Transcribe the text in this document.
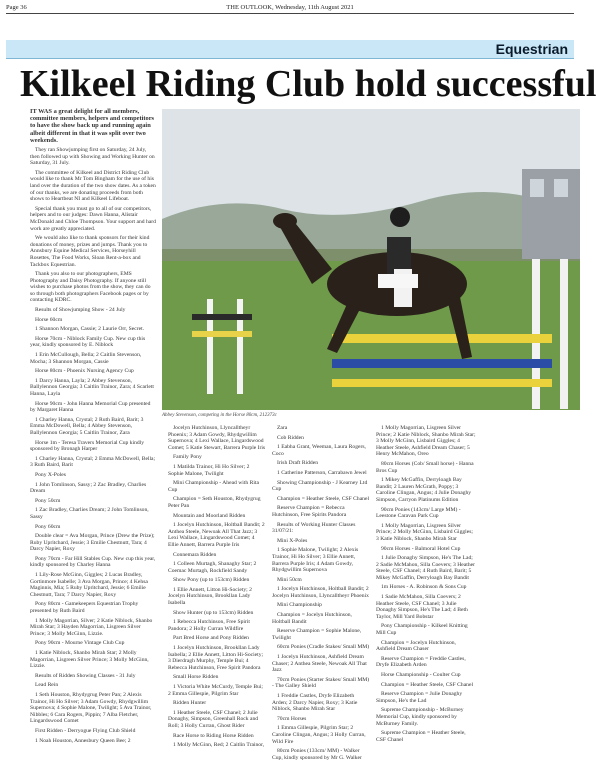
Page 36	THE OUTLOOK, Wednesday, 11th August 2021
Equestrian
Kilkeel Riding Club hold successful

IT WAS a great delight for all members, committee members, helpers and competitors to have the show back up and running again albeit different in that it was split over two weekends.

They ran Showjumping first on Saturday, 24 July, then followed up with Showing and Working Hunter on Saturday, 31 July.

The committee of Kilkeel and District Riding Club would like to thank Mr Tom Bingham for the use of his land over the duration of the two show dates. As a token of our thanks, we are donating proceeds from both shows to Heartbeat NI and Kilkeel Lifeboat.

Special thank you must go to all of our competitors, helpers and to our judges: Dawn Hanna, Alistair McDonald and Chloe Thompson. Your support and hard work are greatly appreciated.

We would also like to thank sponsors for their kind donations of money, prizes and jumps. Thank you to Annsbury Equine Medical Services, Horseyhill Rosettes, The Food Works, Sloan Rent-a-box and Tackbox Equestrian.

Thank you also to our photographers, EMS Photography and Daisy Photography. If anyone still wishes to purchase photos from the show, they can do so through both photographers Facebook pages or by contacting KDRC.

Results of Showjumping Show - 24 July

Horse 60cm

1 Shannon Morgan, Cassie; 2 Laurie Orr, Secret.

Horse 70cm - Niblock Family Cup. New cup this year, kindly sponsored by E. Niblock

1 Erin McCullough, Bella; 2 Caitlin Stevenson, Mocha; 3 Shannon Morgan, Cassie

Horse 80cm - Phoenix Nursing Agency Cup

1 Darcy Hanna, Layla; 2 Abbey Stevenson, Ballylennon Georgia; 3 Caitlin Trainor, Zara; 4 Scarlett Hanna, Layla

Horse 90cm - John Hanna Memorial Cup presented by Margaret Hanna

1 Charley Hanna, Crystal; 2 Ruth Baird, Barit; 3 Emma McDowell, Bella; 4 Abbey Stevenson, Ballylennon Georgia; 5 Caitlin Trainor, Zara

Horse 1m - Teresa Travers Memorial Cup kindly sponsored by Bronagh Harper

1 Charley Hanna, Crystal; 2 Emma McDowell, Bella; 3 Ruth Baird, Barit

Pony X-Poles

1 John Tomlinson, Sassy; 2 Zac Bradley, Charlies Dream

Pony 50cm

1 Zac Bradley, Charlies Dream; 2 John Tomlinson, Sassy

Pony 60cm

Double clear = Ava Morgan, Prince (Drew the Prize); Ruby Upritchard, Jessie; 3 Emilie Chestnutt, Tara; 4 Darcy Napier, Roxy

Pony 70cm - Far Hill Stables Cup. New cup this year, kindly sponsored by Charley Hanna

1 Lily-Rose McGinn, Giggles; 2 Lucas Bradley, Gortinmore Isabelle; 3 Ava Morgan, Prince; 4 Kehsa Maginnis, Mia; 5 Ruby Upritchard, Jessie; 6 Emilie Chestnutt, Tara; 7 Darcy Napier, Roxy

Pony 80cm - Gamekeepers Equestrian Trophy presented by Ruth Baird

1 Molly Magorrian, Silver; 2 Katie Niblock, Shanbo Mirah Star; 3 Hayden Magorrian, Lisgreen Silver Prince; 3 Molly McGinn, Lizzie.

Pony 90cm - Mourne Vintage Club Cup

1 Katie Niblock, Shanbo Mirah Star; 2 Molly Magorrian, Lisgreen Silver Prince; 3 Molly McGinn, Lizzie.

Results of Ridden Showing Classes - 31 July

Lead Rein

1 Seth Houston, Rhydygrug Peter Pan; 2 Alexis Trainor, Hi Ho Silver; 3 Adam Gowdy, Rhydgwillim Supernova; 4 Sophie Malone, Twilight; 5 Ava Trainor, Nibbles; 6 Cara Rogers, Pippin; 7 Alba Fletcher, Lingardswood Comet

First Ridden - Derryogue Flying Club Shield

1 Noah Houston, Annesbury Queen Bee; 2

Abbey Stevenson, competing in the Horse 80cm, 212373c

Jocelyn Hutchinson, Llyncalltheyr Phoenix; 3 Adam Gowdy, Rhydgwillim Supernova; 4 Lexi Wallace, Lingardswood Comet; 5 Katie Stewart, Barrera Purple Iris

Family Pony

1 Matilda Trainor, Hi Ho Silver; 2 Sophie Malone, Twilight

Mini Championship - Ahead with Rita Cup

Champion = Seth Houston, Rhydygrug Peter Pan

Mountain and Moorland Ridden

1 Jocelyn Hutchinson, Holtball Bandit; 2 Anthea Steele, Newoak All That Jazz; 3 Lexi Wallace, Lingardswood Comet; 4 Ellie Annett, Barrera Purple Iris

Connemara Ridden

1 Colleen Murtagh, Shanaghy Star; 2 Coemac Murtagh, Rockfield Sandy

Show Pony (up to 153cm) Ridden

1 Ellie Annett, Litton Hi-Society; 2 Jocelyn Hutchinson, Brookllan Lady Isabella

Show Hunter (up to 153cm) Ridden

1 Rebecca Hutchinson, Free Spirit Pandora; 2 Holly Curran Wildfire

Part Bred Horse and Pony Ridden

1 Jocelyn Hutchinson, Brookllan Lady Isabella; 2 Ellie Annett, Litton Hi-Society; 3 Dierdragh Murphy, Temple Bui; 4 Rebecca Hutchinson, Free Spirit Pandora

Small Horse Ridden

1 Victoria White McCurdy, Temple Bui; 2 Emma Gillespie, Pilgrim Star

Ridden Hunter

1 Heather Steele, CSF Chanel; 2 Julie Donaghy, Simpson, Greenhall Rock and Roll; 3 Holly Curran, Ghost Rider

Race Horse to Riding Horse Ridden

1 Molly McGinn, Red; 2 Caitlin Trainor,

Zara

Cob Ridden

1 Eabha Grant, Weeman, Laura Rogers, Coco

Irish Draft Ridden

1 Catherine Patterson, Carrabawn Jewel

Showing Championship - J Kearney Ltd Cup

Champion = Heather Steele, CSF Chanel

Reserve Champion = Rebecca Hutchinson, Free Spirits Pandora

Results of Working Hunter Classes 31/07/21:

Mini X-Poles

1 Sophie Malone, Twilight; 2 Alexis Trainor, Hi Ho Silver; 3 Ellie Annett, Barrera Purple Iris; 4 Adam Gowdy, Rhydgwillim Supernova

Mini 50cm

1 Jocelyn Hutchinson, Holtball Bandit; 2 Jocelyn Hutchinson, Llyncalltheyr Phoenix

Mini Championship

Champion = Jocelyn Hutchinson, Holtball Bandit

Reserve Champion = Sophie Malone, Twilight

60cm Ponies (Cradle Stakes/ Small MM)

1 Jocelyn Hutchinson, Ashfield Dream Chaser; 2 Anthea Steele, Newoak All That Jazz

70cm Ponies (Starter Stakes/ Small MM) - The Galley Shield

1 Freddie Castles, Dryfe Elizabeth Arden; 2 Darcy Napier, Roxy; 3 Katie Niblock, Shanbo Mirah Star

70cm Horses

1 Emma Gillespie, Pilgrim Star; 2 Caroline Clingan, Angus; 3 Holly Curran, Wild Fire

80cm Ponies (133cm/ MM) - Walker Cup, kindly sponsored by Mr G. Walker

1 Molly Magorrian, Lisgreen Silver Prince; 2 Katie Niblock, Shanbo Mirah Star; 3 Molly McGinn, Lisbaird Giggles; 4 Heather Steele, Ashfield Dream Chaser; 5 Henry McMahon, Oreo

80cm Horses (Cob/ Small horse) - Hanna Bros Cup

1 Mikey McGaffin, Derryloagh Bay Bandit; 2 Lauren McGrath, Poppy; 3 Caroline Clingan, Angus; 4 Julie Donaghy Simpson, Carryon Platinums Edition

90cm Ponies (143cm/ Large MM) - Leestone Caravan Park Cup

1 Molly Magorrian, Lisgreen Silver Prince; 2 Molly McGinn, Lisbaird Giggles; 3 Katie Niblock, Shanbo Mirah Star

90cm Horses - Balmoral Hotel Cup

1 Julie Donaghy Simpson, He's The Lad; 2 Sadie McMahon, Silla Coevers; 3 Heather Steele, CSF Chanel; 4 Ruth Baird, Barit; 5 Mikey McGaffin, Derryloagh Bay Bandit

1m Horses - A. Robinson & Sons Cup

1 Sadie McMahon, Silla Coevers; 2 Heather Steele, CSF Chanel; 3 Julie Donaghy Simpson, He's The Lad; 4 Beth Taylor, Mill Yard Bobstar

Pony Championship - Kilkeel Knitting Mill Cup

Champion = Jocelyn Hutchinson, Ashfield Dream Chaser

Reserve Champion = Freddie Castles, Dryfe Elizabeth Arden

Horse Championship - Coulter Cup

Champion = Heather Steele, CSF Chanel

Reserve Champion = Julie Donaghy Simpson, He's the Lad

Supreme Championship - McBurney Memorial Cup, kindly sponsored by McBurney Family.

Supreme Champion = Heather Steele, CSF Chanel
